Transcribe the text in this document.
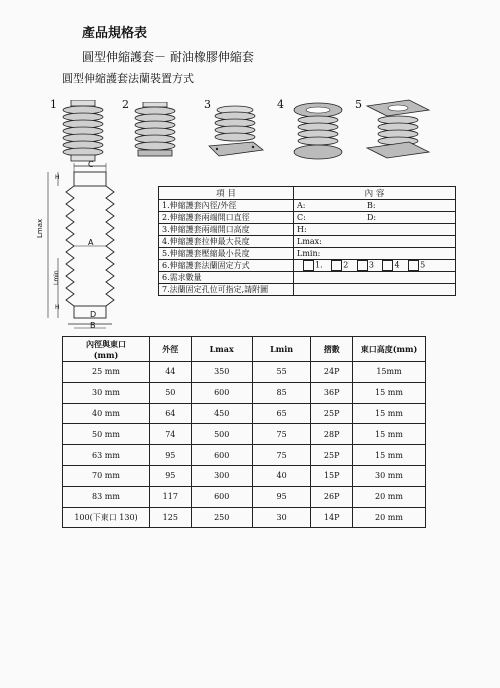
產品規格表
圓型伸縮護套－ 耐油橡膠伸縮套
圓型伸縮護套法蘭裝置方式
1	2	3	4	5
C
H
A
Lmax
Lmin
H
D
B
項 目	內 容
1.伸縮護套內徑/外徑	A: B:
2.伸縮護套兩端開口直徑	C: D:
3.伸縮護套兩端開口高度	H:
4.伸縮護套拉伸最大長度	Lmax:
5.伸縮護套壓縮最小長度	Lmin:
6.伸縮護套法蘭固定方式	1. 2 3 4 5
6.需求數量	
7.法蘭固定孔位可指定,請附圖	
內徑與東口
(mm)	外徑	Lmax	Lmin	摺數	東口高度(mm)
25 mm	44	350	55	24P	15mm
30 mm	50	600	85	36P	15 mm
40 mm	64	450	65	25P	15 mm
50 mm	74	500	75	28P	15 mm
63 mm	95	600	75	25P	15 mm
70 mm	95	300	40	15P	30 mm
83 mm	117	600	95	26P	20 mm
100(下東口 130)	125	250	30	14P	20 mm
